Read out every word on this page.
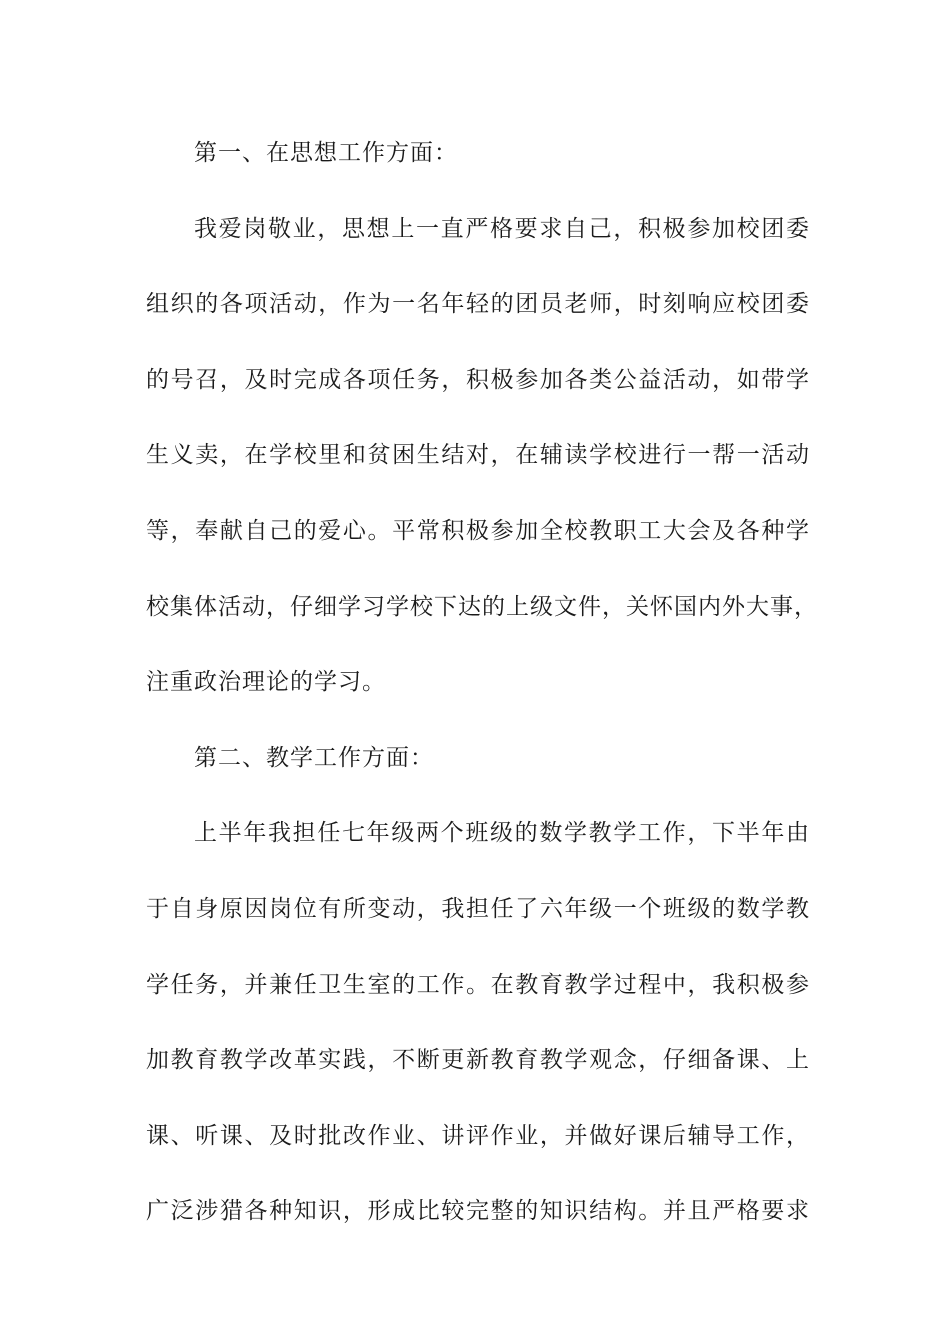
第一、在思想工作方面：
我爱岗敬业，思想上一直严格要求自己，积极参加校团委
组织的各项活动，作为一名年轻的团员老师，时刻响应校团委
的号召，及时完成各项任务，积极参加各类公益活动，如带学
生义卖，在学校里和贫困生结对，在辅读学校进行一帮一活动
等，奉献自己的爱心。平常积极参加全校教职工大会及各种学
校集体活动，仔细学习学校下达的上级文件，关怀国内外大事，
注重政治理论的学习。
第二、教学工作方面：
上半年我担任七年级两个班级的数学教学工作，下半年由
于自身原因岗位有所变动，我担任了六年级一个班级的数学教
学任务，并兼任卫生室的工作。在教育教学过程中，我积极参
加教育教学改革实践，不断更新教育教学观念，仔细备课、上
课、听课、及时批改作业、讲评作业，并做好课后辅导工作，
广泛涉猎各种知识，形成比较完整的知识结构。并且严格要求
